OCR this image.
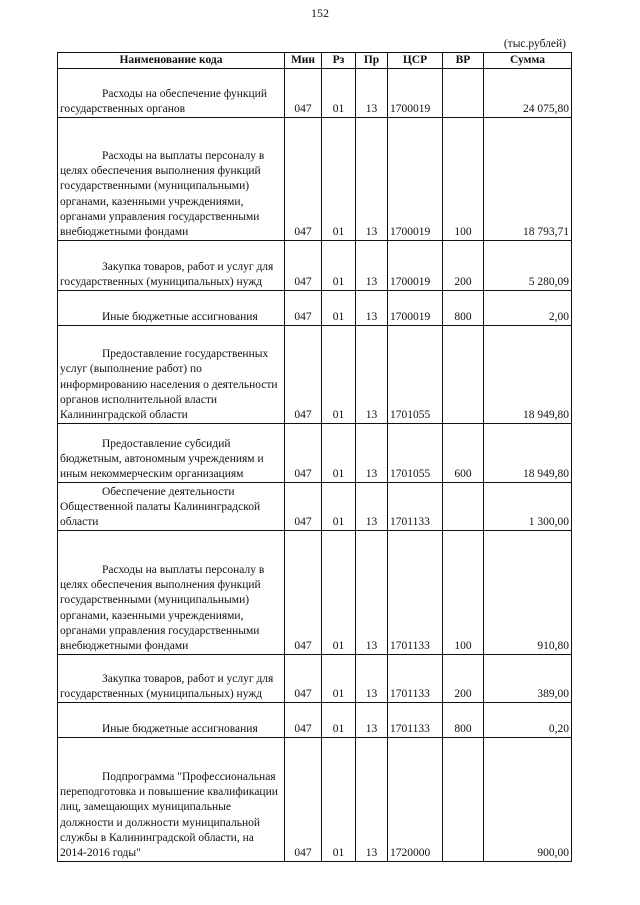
152
(тыс.рублей)
Наименование кода	Мин	Рз	Пр	ЦСР	ВР	Сумма
Расходы на обеспечение функций государственных органов	047	01	13	1700019		24 075,80
Расходы на выплаты персоналу в целях обеспечения выполнения функций государственными (муниципальными) органами, казенными учреждениями, органами управления государственными внебюджетными фондами	047	01	13	1700019	100	18 793,71
Закупка товаров, работ и услуг для государственных (муниципальных) нужд	047	01	13	1700019	200	5 280,09
Иные бюджетные ассигнования	047	01	13	1700019	800	2,00
Предоставление государственных услуг (выполнение работ) по информированию населения о деятельности органов исполнительной власти Калининградской области	047	01	13	1701055		18 949,80
Предоставление субсидий бюджетным, автономным учреждениям и иным некоммерческим организациям	047	01	13	1701055	600	18 949,80
Обеспечение деятельности Общественной палаты Калининградской области	047	01	13	1701133		1 300,00
Расходы на выплаты персоналу в целях обеспечения выполнения функций государственными (муниципальными) органами, казенными учреждениями, органами управления государственными внебюджетными фондами	047	01	13	1701133	100	910,80
Закупка товаров, работ и услуг для государственных (муниципальных) нужд	047	01	13	1701133	200	389,00
Иные бюджетные ассигнования	047	01	13	1701133	800	0,20
Подпрограмма "Профессиональная переподготовка и повышение квалификации лиц, замещающих муниципальные должности и должности муниципальной службы в Калининградской области, на 2014-2016 годы"	047	01	13	1720000		900,00
